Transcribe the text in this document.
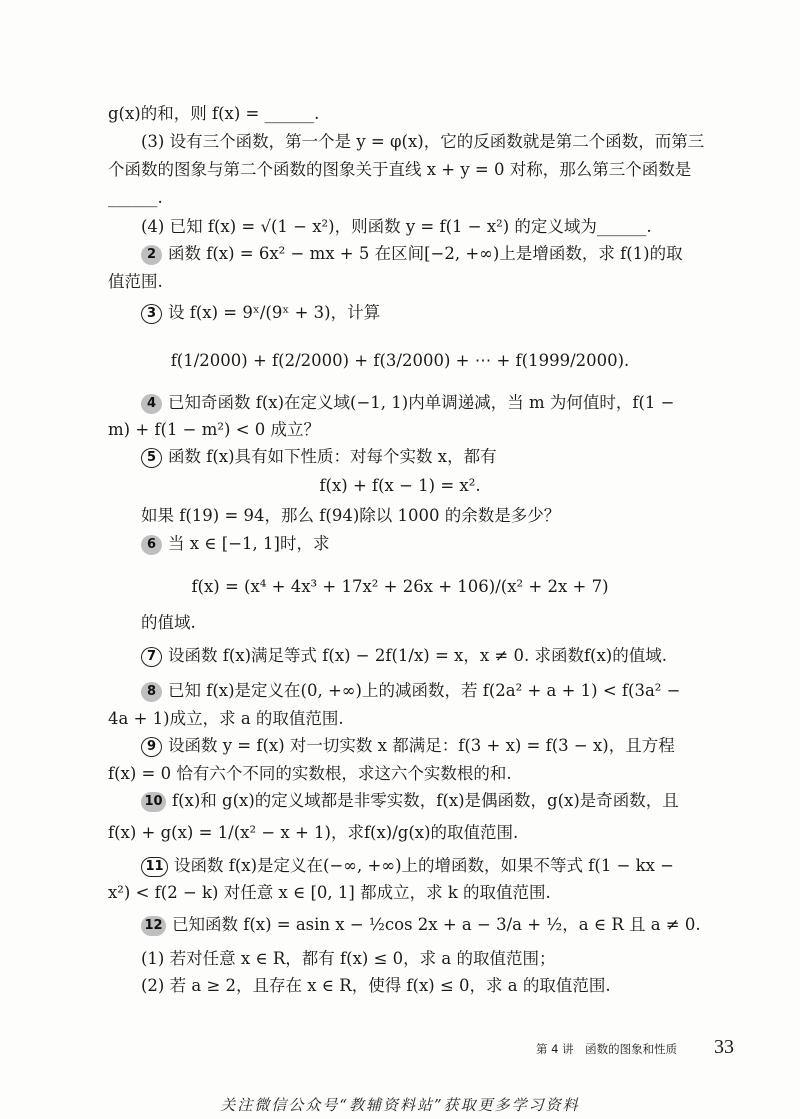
g(x)的和，则 f(x) = ______.
(3) 设有三个函数，第一个是 y = φ(x)，它的反函数就是第二个函数，而第三
个函数的图象与第二个函数的图象关于直线 x + y = 0 对称，那么第三个函数是
______.
(4) 已知 f(x) = √(1 − x²)，则函数 y = f(1 − x²) 的定义域为______.
2 函数 f(x) = 6x² − mx + 5 在区间[−2, +∞)上是增函数，求 f(1)的取
值范围.
3 设 f(x) = 9ˣ/(9ˣ + 3)，计算
f(1/2000) + f(2/2000) + f(3/2000) + ⋯ + f(1999/2000).
4 已知奇函数 f(x)在定义域(−1, 1)内单调递减，当 m 为何值时，f(1 −
m) + f(1 − m²) < 0 成立？
5 函数 f(x)具有如下性质：对每个实数 x，都有
f(x) + f(x − 1) = x².
如果 f(19) = 94，那么 f(94)除以 1000 的余数是多少？
6 当 x ∈ [−1, 1]时，求
f(x) = (x⁴ + 4x³ + 17x² + 26x + 106)/(x² + 2x + 7)
的值域.
7 设函数 f(x)满足等式 f(x) − 2f(1/x) = x，x ≠ 0. 求函数f(x)的值域.
8 已知 f(x)是定义在(0, +∞)上的减函数，若 f(2a² + a + 1) < f(3a² −
4a + 1)成立，求 a 的取值范围.
9 设函数 y = f(x) 对一切实数 x 都满足：f(3 + x) = f(3 − x)，且方程
f(x) = 0 恰有六个不同的实数根，求这六个实数根的和.
10 f(x)和 g(x)的定义域都是非零实数，f(x)是偶函数，g(x)是奇函数，且
f(x) + g(x) = 1/(x² − x + 1)，求f(x)/g(x)的取值范围.
11 设函数 f(x)是定义在(−∞, +∞)上的增函数，如果不等式 f(1 − kx −
x²) < f(2 − k) 对任意 x ∈ [0, 1] 都成立，求 k 的取值范围.
12 已知函数 f(x) = asin x − ½cos 2x + a − 3/a + ½，a ∈ R 且 a ≠ 0.
(1) 若对任意 x ∈ R，都有 f(x) ≤ 0，求 a 的取值范围；
(2) 若 a ≥ 2，且存在 x ∈ R，使得 f(x) ≤ 0，求 a 的取值范围.
第 4 讲　函数的图象和性质 33
关注微信公众号“教辅资料站”获取更多学习资料
